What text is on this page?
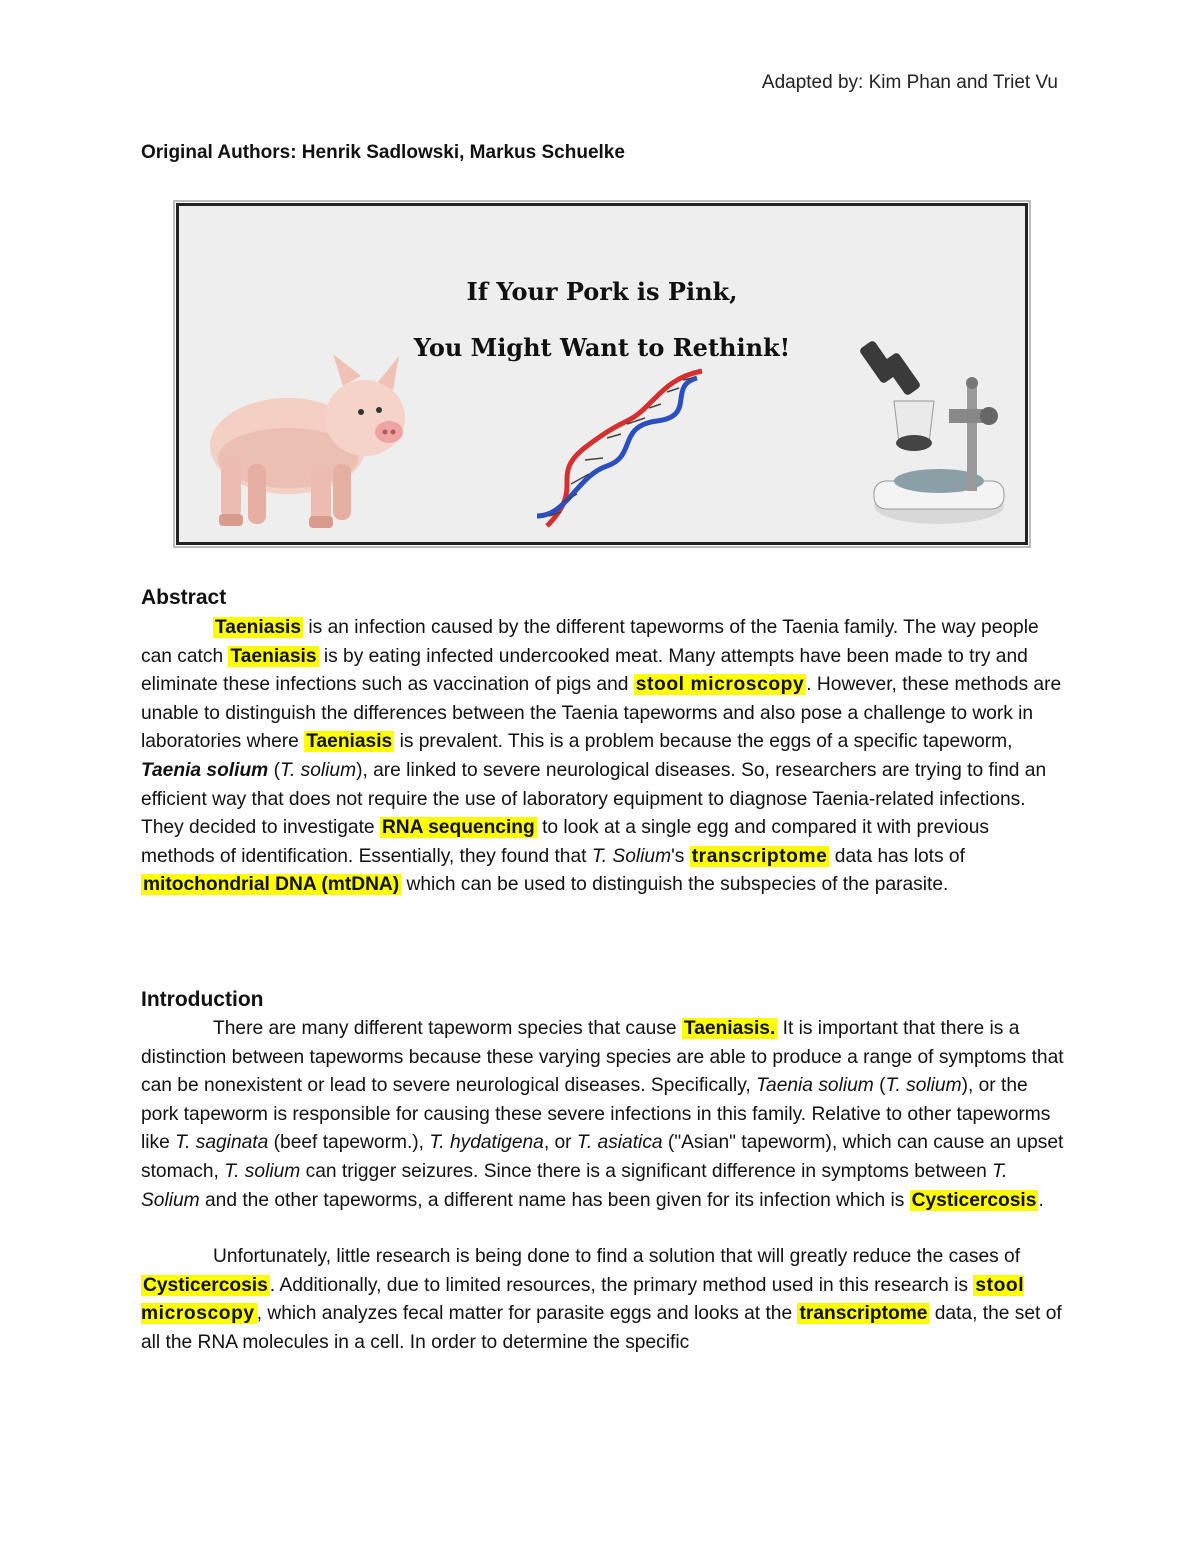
Adapted by: Kim Phan and Triet Vu
Original Authors: Henrik Sadlowski, Markus Schuelke
If Your Pork is Pink,
You Might Want to Rethink!
Abstract

Taeniasis is an infection caused by the different tapeworms of the Taenia family. The way people can catch Taeniasis is by eating infected undercooked meat. Many attempts have been made to try and eliminate these infections such as vaccination of pigs and stool microscopy . However, these methods are unable to distinguish the differences between the Taenia tapeworms and also pose a challenge to work in laboratories where Taeniasis is prevalent. This is a problem because the eggs of a specific tapeworm, Taenia solium (T. solium), are linked to severe neurological diseases. So, researchers are trying to find an efficient way that does not require the use of laboratory equipment to diagnose Taenia-related infections. They decided to investigate RNA sequencing to look at a single egg and compared it with previous methods of identification. Essentially, they found that T. Solium's transcriptome data has lots of mitochondrial DNA (mtDNA) which can be used to distinguish the subspecies of the parasite.

Introduction

There are many different tapeworm species that cause Taeniasis. It is important that there is a distinction between tapeworms because these varying species are able to produce a range of symptoms that can be nonexistent or lead to severe neurological diseases. Specifically, Taenia solium (T. solium), or the pork tapeworm is responsible for causing these severe infections in this family. Relative to other tapeworms like T. saginata (beef tapeworm.), T. hydatigena, or T. asiatica ("Asian" tapeworm), which can cause an upset stomach, T. solium can trigger seizures. Since there is a significant difference in symptoms between T. Solium and the other tapeworms, a different name has been given for its infection which is Cysticercosis .

Unfortunately, little research is being done to find a solution that will greatly reduce the cases of Cysticercosis . Additionally, due to limited resources, the primary method used in this research is stool microscopy , which analyzes fecal matter for parasite eggs and looks at the transcriptome data, the set of all the RNA molecules in a cell. In order to determine the specific
